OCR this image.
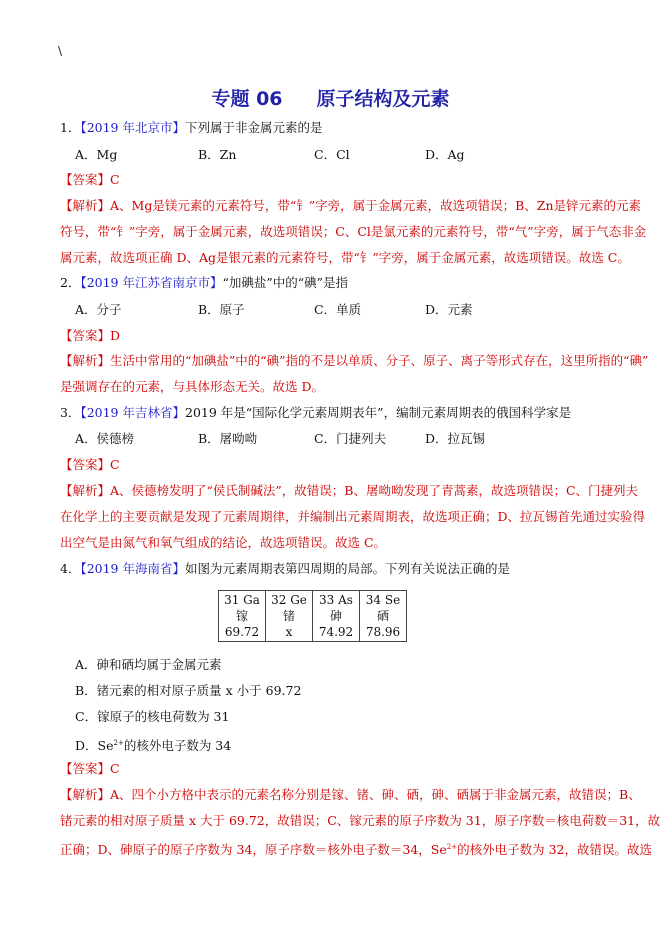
\
专题 06 原子结构及元素
1．【2019 年北京市】下列属于非金属元素的是
A．Mg	B．Zn	C．Cl	D．Ag
【答案】C
【解析】A、Mg是镁元素的元素符号，带“钅”字旁，属于金属元素，故选项错误；B、Zn是锌元素的元素
符号，带“钅”字旁，属于金属元素，故选项错误；C、Cl是氯元素的元素符号，带“气”字旁，属于气态非金
属元素，故选项正确 D、Ag是银元素的元素符号，带“钅”字旁，属于金属元素，故选项错误。故选 C。
2．【2019 年江苏省南京市】“加碘盐”中的“碘”是指
A．分子	B．原子	C．单质	D．元素
【答案】D
【解析】生活中常用的“加碘盐”中的“碘”指的不是以单质、分子、原子、离子等形式存在，这里所指的“碘”
是强调存在的元素，与具体形态无关。故选 D。
3．【2019 年吉林省】2019 年是“国际化学元素周期表年”，编制元素周期表的俄国科学家是
A．侯德榜	B．屠呦呦	C．门捷列夫	D．拉瓦锡
【答案】C
【解析】A、侯德榜发明了“侯氏制碱法”，故错误；B、屠呦呦发现了青蒿素，故选项错误；C、门捷列夫
在化学上的主要贡献是发现了元素周期律，并编制出元素周期表，故选项正确；D、拉瓦锡首先通过实验得
出空气是由氮气和氧气组成的结论，故选项错误。故选 C。
4．【2019 年海南省】如图为元素周期表第四周期的局部。下列有关说法正确的是
31 Ga
镓
69.72

32 Ge
锗
x

33 As
砷
74.92

34 Se
硒
78.96
A．砷和硒均属于金属元素
B．锗元素的相对原子质量 x 小于 69.72
C．镓原子的核电荷数为 31
D．$Se^{2+}$的核外电子数为 34
【答案】C
【解析】A、四个小方格中表示的元素名称分别是镓、锗、砷、硒，砷、硒属于非金属元素，故错误；B、
锗元素的相对原子质量 x 大于 69.72，故错误；C、镓元素的原子序数为 31，原子序数＝核电荷数＝31，故
正确；D、砷原子的原子序数为 34，原子序数＝核外电子数＝34，$Se^{2+}$的核外电子数为 32，故错误。故选
